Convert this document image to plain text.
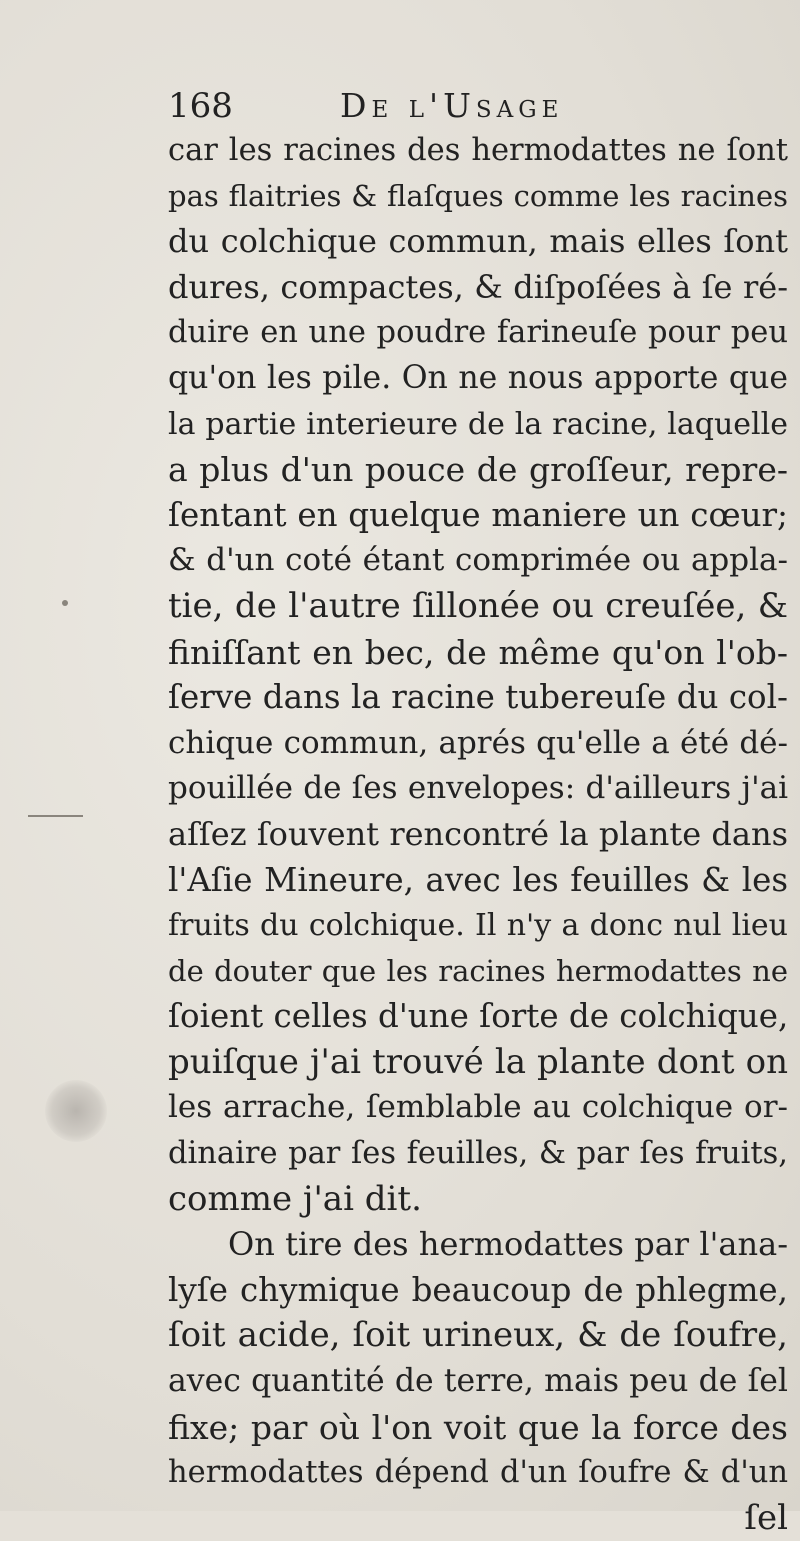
168	De l'Usage
car les racines des hermodattes ne ſont
pas flaitries & flaſques comme les racines
du colchique commun, mais elles ſont
dures, compactes, & diſpoſées à ſe ré-
duire en une poudre farineuſe pour peu
qu'on les pile. On ne nous apporte que
la partie interieure de la racine, laquelle
a plus d'un pouce de groſſeur, repre-
ſentant en quelque maniere un cœur;
& d'un coté étant comprimée ou appla-
tie, de l'autre ſillonée ou creuſée, &
finiſſant en bec, de même qu'on l'ob-
ſerve dans la racine tubereuſe du col-
chique commun, aprés qu'elle a été dé-
pouillée de ſes envelopes: d'ailleurs j'ai
aſſez ſouvent rencontré la plante dans
l'Aſie Mineure, avec les feuilles & les
fruits du colchique. Il n'y a donc nul lieu
de douter que les racines hermodattes ne
ſoient celles d'une ſorte de colchique,
puiſque j'ai trouvé la plante dont on
les arrache, ſemblable au colchique or-
dinaire par ſes feuilles, & par ſes fruits,
comme j'ai dit.
On tire des hermodattes par l'ana-
lyſe chymique beaucoup de phlegme,
ſoit acide, ſoit urineux, & de ſoufre,
avec quantité de terre, mais peu de ſel
fixe; par où l'on voit que la force des
hermodattes dépend d'un ſoufre & d'un
ſel
